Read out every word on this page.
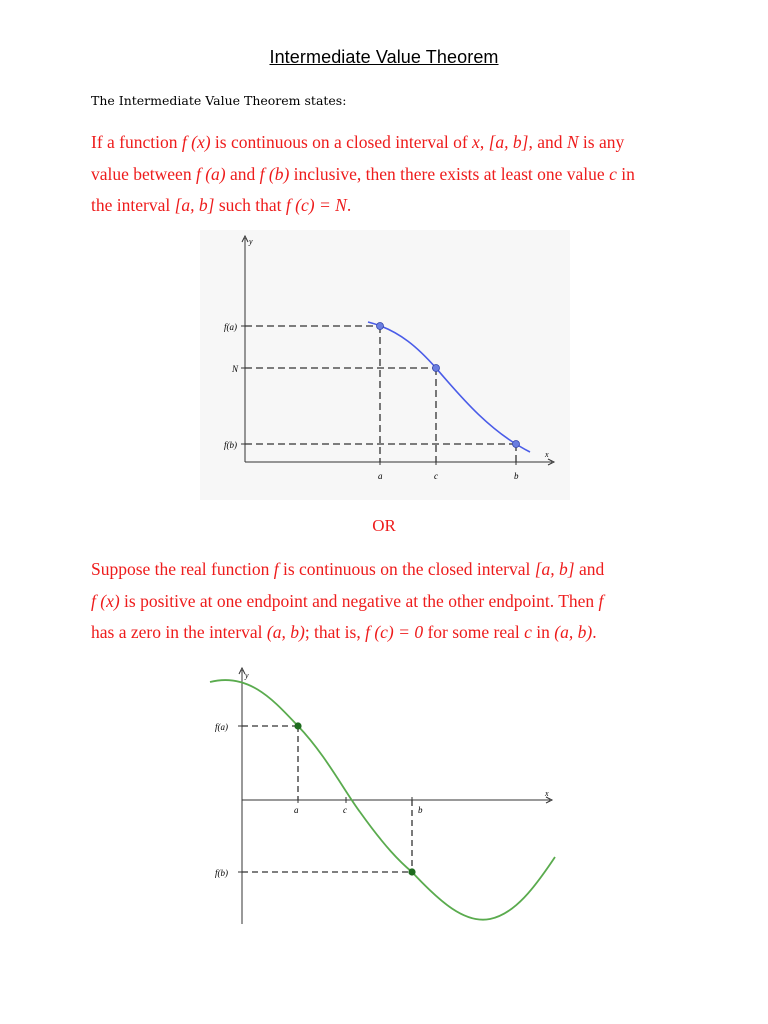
Intermediate Value Theorem
The Intermediate Value Theorem states:
If a function f (x) is continuous on a closed interval of x, [a, b], and N is any
value between f (a) and f (b) inclusive, then there exists at least one value c in
the interval [a, b] such that f (c) = N.
y
x
f(a)
N
f(b)
a	c	b
OR
Suppose the real function f is continuous on the closed interval [a, b] and
f (x) is positive at one endpoint and negative at the other endpoint. Then f
has a zero in the interval (a, b); that is, f (c) = 0 for some real c in (a, b).
y
x
f(a)
f(b)
a	c	b
